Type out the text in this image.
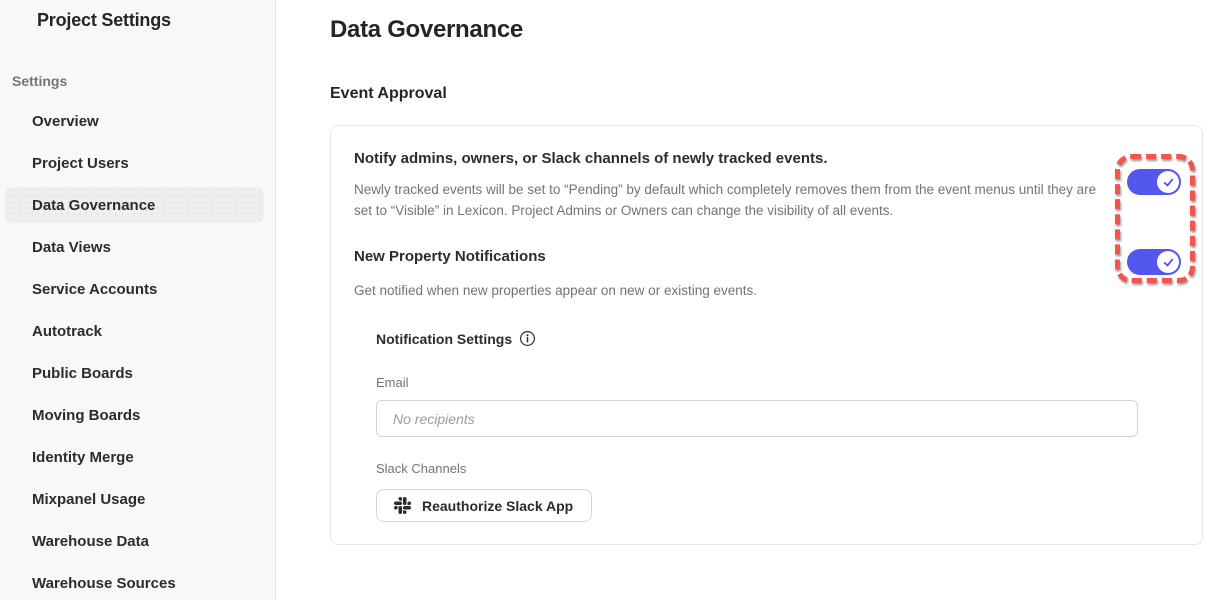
Project Settings
Settings
Overview
Project Users
Data Governance
Data Views
Service Accounts
Autotrack
Public Boards
Moving Boards
Identity Merge
Mixpanel Usage
Warehouse Data
Warehouse Sources
Data Governance
Event Approval
Notify admins, owners, or Slack channels of newly tracked events.

Newly tracked events will be set to “Pending” by default which completely removes them from the event menus until they are set to “Visible” in Lexicon. Project Admins or Owners can change the visibility of all events.

New Property Notifications

Get notified when new properties appear on new or existing events.

Notification Settings
Email
No recipients
Slack Channels
Reauthorize Slack App
